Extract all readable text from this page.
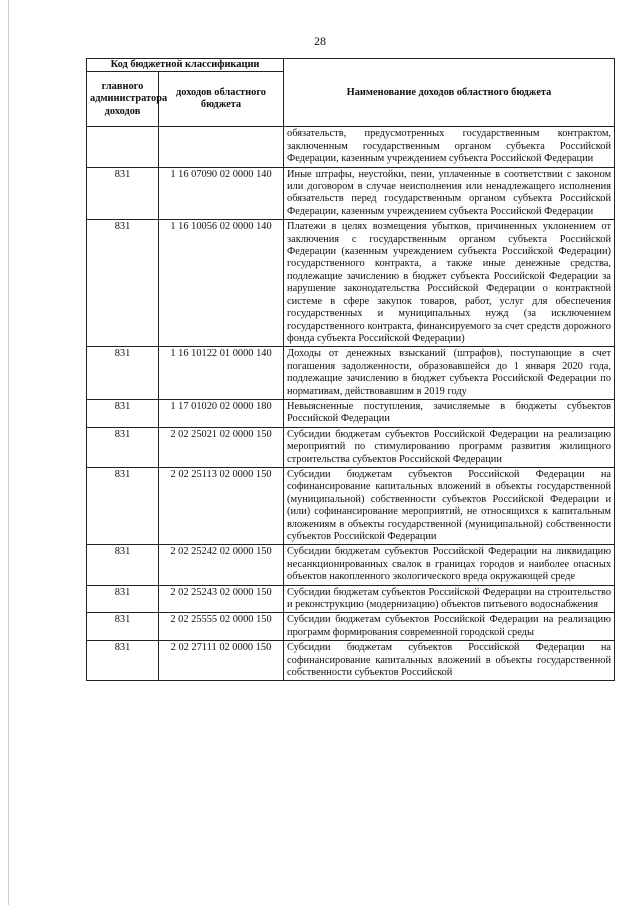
28
Код бюджетной классификации		Наименование доходов областного бюджета
главного администратора доходов	доходов областного бюджета	
		обязательств, предусмотренных государственным контрактом, заключенным государственным органом субъекта Российской Федерации, казенным учреждением субъекта Российской Федерации
831	1 16 07090 02 0000 140	Иные штрафы, неустойки, пени, уплаченные в соответствии с законом или договором в случае неисполнения или ненадлежащего исполнения обязательств перед государственным органом субъекта Российской Федерации, казенным учреждением субъекта Российской Федерации
831	1 16 10056 02 0000 140	Платежи в целях возмещения убытков, причиненных уклонением от заключения с государственным органом субъекта Российской Федерации (казенным учреждением субъекта Российской Федерации) государственного контракта, а также иные денежные средства, подлежащие зачислению в бюджет субъекта Российской Федерации за нарушение законодательства Российской Федерации о контрактной системе в сфере закупок товаров, работ, услуг для обеспечения государственных и муниципальных нужд (за исключением государственного контракта, финансируемого за счет средств дорожного фонда субъекта Российской Федерации)
831	1 16 10122 01 0000 140	Доходы от денежных взысканий (штрафов), поступающие в счет погашения задолженности, образовавшейся до 1 января 2020 года, подлежащие зачислению в бюджет субъекта Российской Федерации по нормативам, действовавшим в 2019 году
831	1 17 01020 02 0000 180	Невыясненные поступления, зачисляемые в бюджеты субъектов Российской Федерации
831	2 02 25021 02 0000 150	Субсидии бюджетам субъектов Российской Федерации на реализацию мероприятий по стимулированию программ развития жилищного строительства субъектов Российской Федерации
831	2 02 25113 02 0000 150	Субсидии бюджетам субъектов Российской Федерации на софинансирование капитальных вложений в объекты государственной (муниципальной) собственности субъектов Российской Федерации и (или) софинансирование мероприятий, не относящихся к капитальным вложениям в объекты государственной (муниципальной) собственности субъектов Российской Федерации
831	2 02 25242 02 0000 150	Субсидии бюджетам субъектов Российской Федерации на ликвидацию несанкционированных свалок в границах городов и наиболее опасных объектов накопленного экологического вреда окружающей среде
831	2 02 25243 02 0000 150	Субсидии бюджетам субъектов Российской Федерации на строительство и реконструкцию (модернизацию) объектов питьевого водоснабжения
831	2 02 25555 02 0000 150	Субсидии бюджетам субъектов Российской Федерации на реализацию программ формирования современной городской среды
831	2 02 27111 02 0000 150	Субсидии бюджетам субъектов Российской Федерации на софинансирование капитальных вложений в объекты государственной собственности субъектов Российской
